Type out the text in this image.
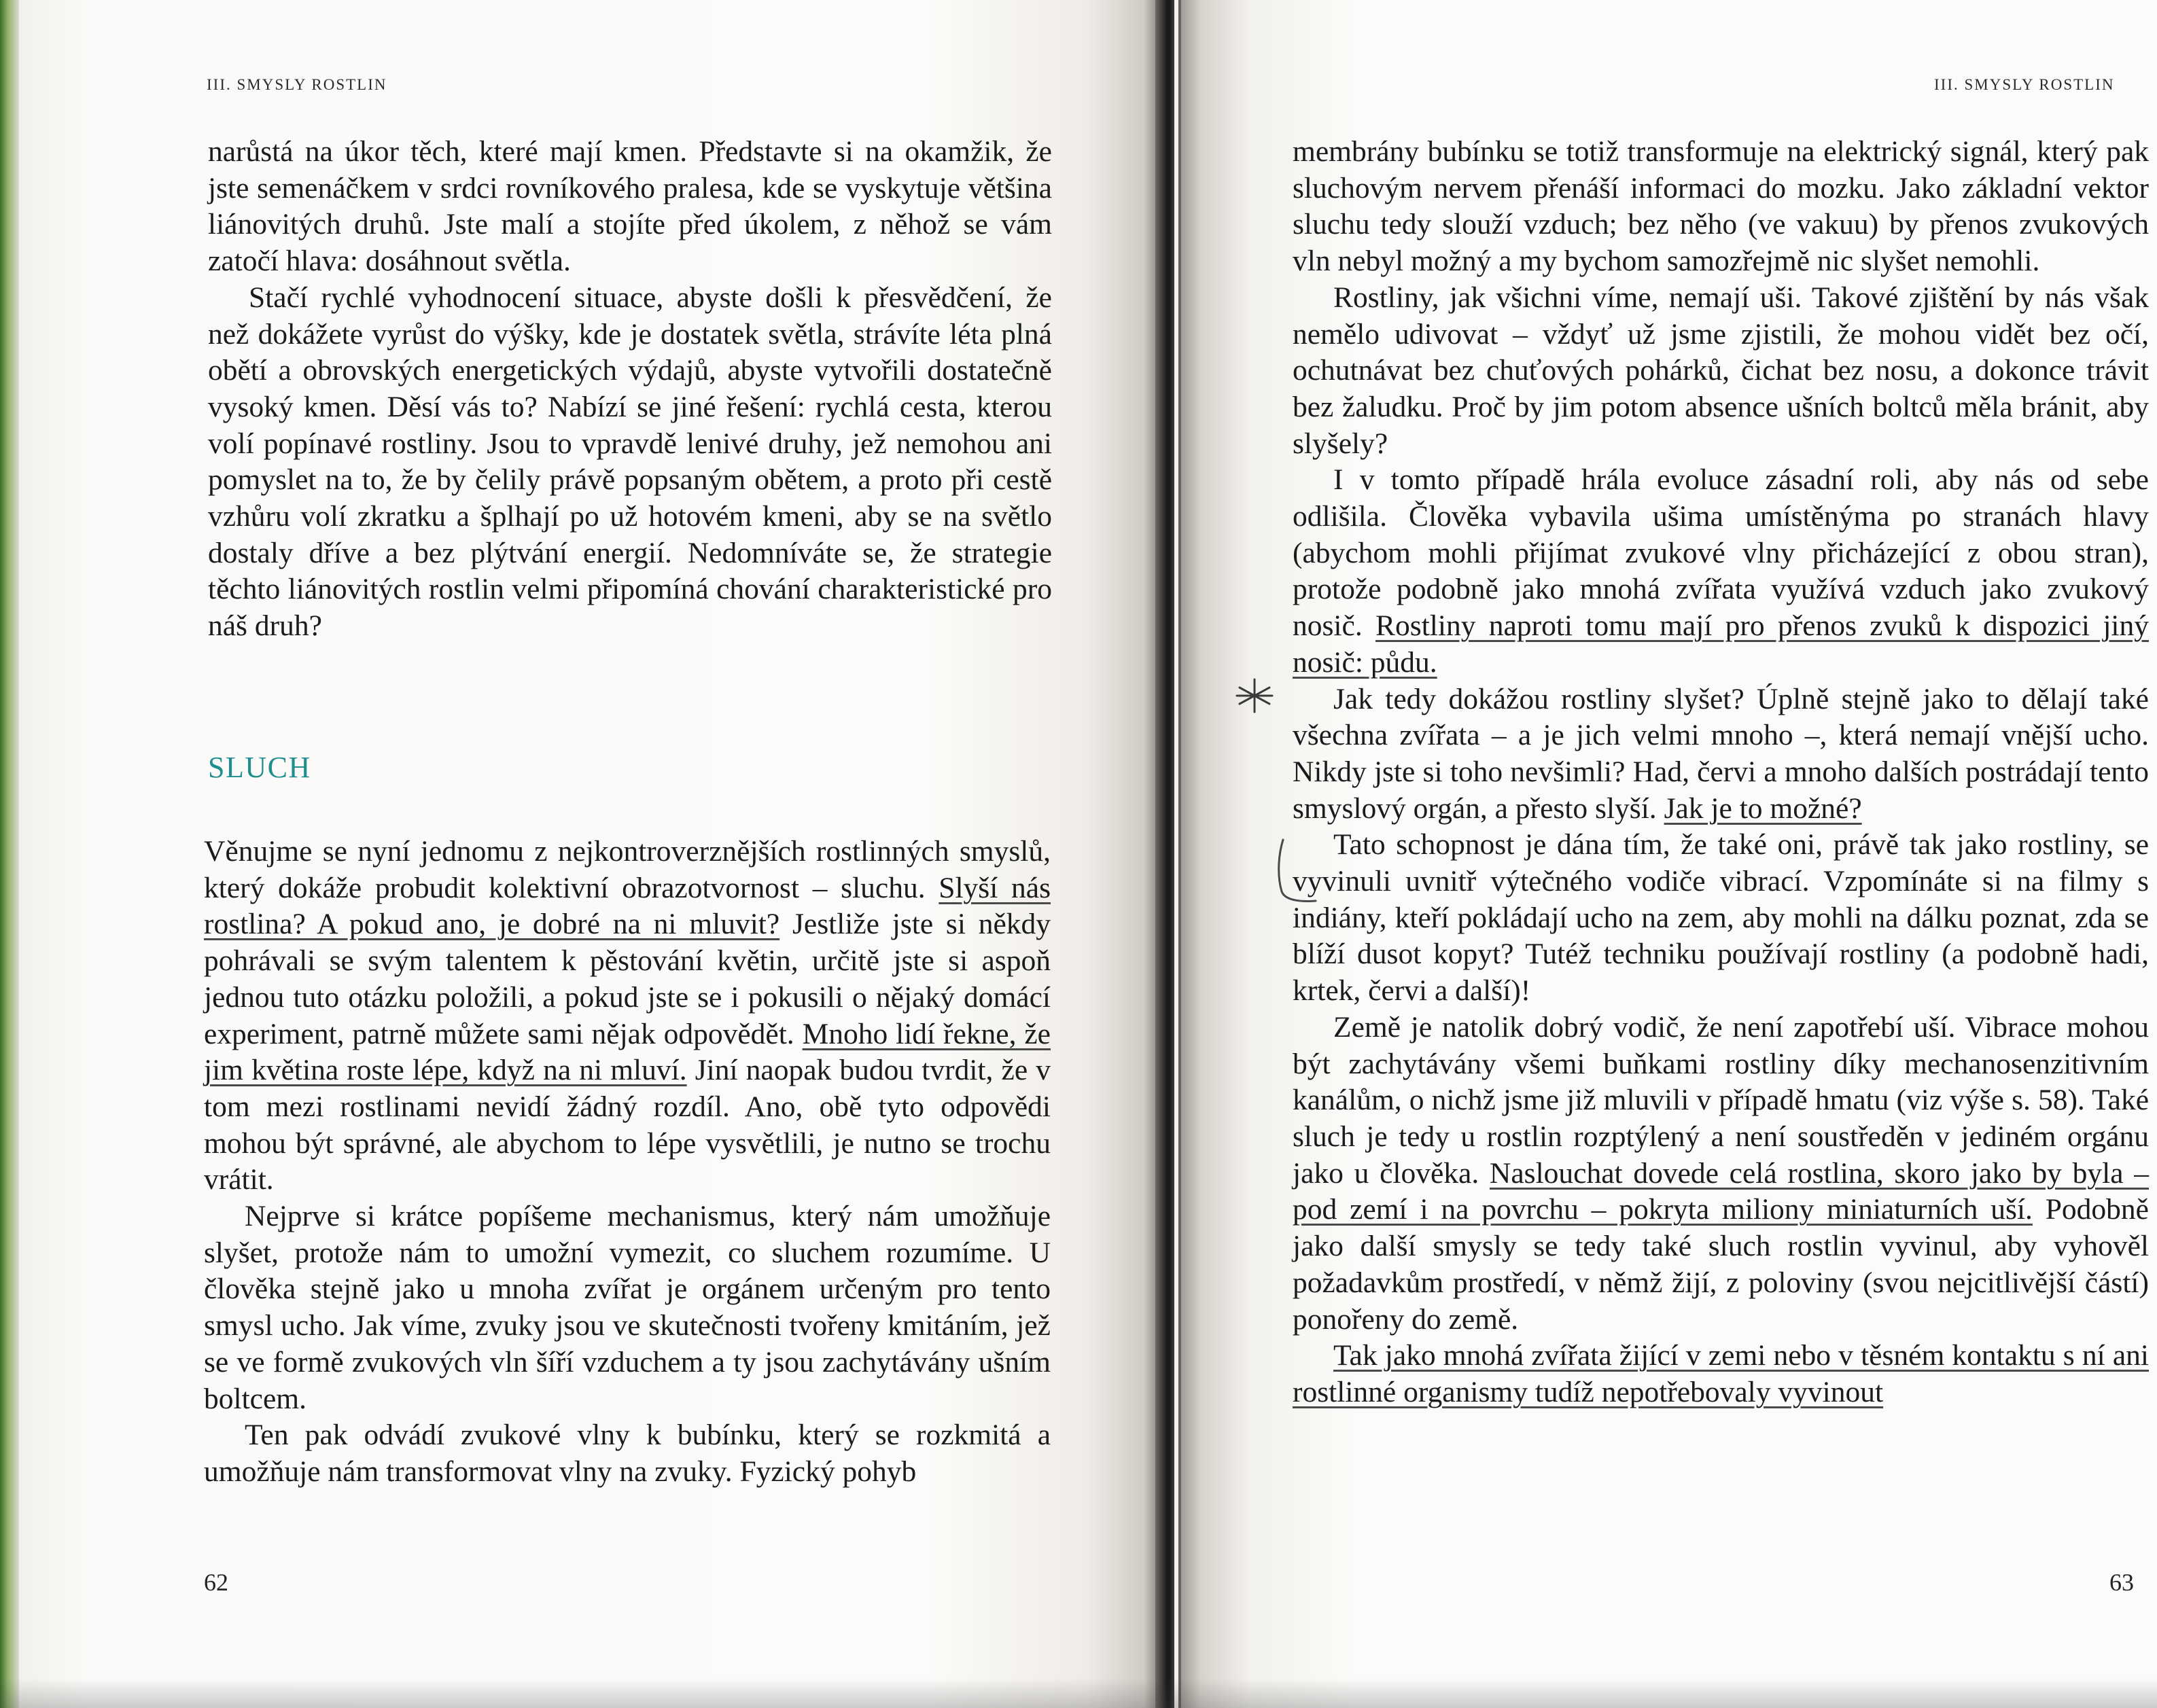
III. SMYSLY ROSTLIN

narůstá na úkor těch, které mají kmen. Představte si na okamžik, že jste semenáčkem v srdci rovníkového pralesa, kde se vyskytuje většina liánovitých druhů. Jste malí a stojíte před úkolem, z něhož se vám zatočí hlava: dosáhnout světla.

Stačí rychlé vyhodnocení situace, abyste došli k přesvědčení, že než dokážete vyrůst do výšky, kde je dostatek světla, strávíte léta plná obětí a obrovských energetických výdajů, abyste vytvořili dostatečně vysoký kmen. Děsí vás to? Nabízí se jiné řešení: rychlá cesta, kterou volí popínavé rostliny. Jsou to vpravdě lenivé druhy, jež nemohou ani pomyslet na to, že by čelily právě popsaným obětem, a proto při cestě vzhůru volí zkratku a šplhají po už hotovém kmeni, aby se na světlo dostaly dříve a bez plýtvání energií. Nedomníváte se, že strategie těchto liánovitých rostlin velmi připomíná chování charakteristické pro náš druh?

SLUCH

Věnujme se nyní jednomu z nejkontroverznějších rostlinných smyslů, který dokáže probudit kolektivní obrazotvornost – sluchu. Slyší nás rostlina? A pokud ano, je dobré na ni mluvit? Jestliže jste si někdy pohrávali se svým talentem k pěstování květin, určitě jste si aspoň jednou tuto otázku položili, a pokud jste se i pokusili o nějaký domácí experiment, patrně můžete sami nějak odpovědět. Mnoho lidí řekne, že jim květina roste lépe, když na ni mluví. Jiní naopak budou tvrdit, že v tom mezi rostlinami nevidí žádný rozdíl. Ano, obě tyto odpovědi mohou být správné, ale abychom to lépe vysvětlili, je nutno se trochu vrátit.

Nejprve si krátce popíšeme mechanismus, který nám umožňuje slyšet, protože nám to umožní vymezit, co sluchem rozumíme. U člověka stejně jako u mnoha zvířat je orgánem určeným pro tento smysl ucho. Jak víme, zvuky jsou ve skutečnosti tvořeny kmitáním, jež se ve formě zvukových vln šíří vzduchem a ty jsou zachytávány ušním boltcem.

Ten pak odvádí zvukové vlny k bubínku, který se rozkmitá a umožňuje nám transformovat vlny na zvuky. Fyzický pohyb

62

III. SMYSLY ROSTLIN

membrány bubínku se totiž transformuje na elektrický signál, který pak sluchovým nervem přenáší informaci do mozku. Jako základní vektor sluchu tedy slouží vzduch; bez něho (ve vakuu) by přenos zvukových vln nebyl možný a my bychom samozřejmě nic slyšet nemohli.

Rostliny, jak všichni víme, nemají uši. Takové zjištění by nás však nemělo udivovat – vždyť už jsme zjistili, že mohou vidět bez očí, ochutnávat bez chuťových pohárků, čichat bez nosu, a dokonce trávit bez žaludku. Proč by jim potom absence ušních boltců měla bránit, aby slyšely?

I v tomto případě hrála evoluce zásadní roli, aby nás od sebe odlišila. Člověka vybavila ušima umístěnýma po stranách hlavy (abychom mohli přijímat zvukové vlny přicházející z obou stran), protože podobně jako mnohá zvířata využívá vzduch jako zvukový nosič. Rostliny naproti tomu mají pro přenos zvuků k dispozici jiný nosič: půdu.

Jak tedy dokážou rostliny slyšet? Úplně stejně jako to dělají také všechna zvířata – a je jich velmi mnoho –, která nemají vnější ucho. Nikdy jste si toho nevšimli? Had, červi a mnoho dalších postrádají tento smyslový orgán, a přesto slyší. Jak je to možné?

Tato schopnost je dána tím, že také oni, právě tak jako rostliny, se vyvinuli uvnitř výtečného vodiče vibrací. Vzpomínáte si na filmy s indiány, kteří pokládají ucho na zem, aby mohli na dálku poznat, zda se blíží dusot kopyt? Tutéž techniku používají rostliny (a podobně hadi, krtek, červi a další)!

Země je natolik dobrý vodič, že není zapotřebí uší. Vibrace mohou být zachytávány všemi buňkami rostliny díky mechanosenzitivním kanálům, o nichž jsme již mluvili v případě hmatu (viz výše s. 58). Také sluch je tedy u rostlin rozptýlený a není soustředěn v jediném orgánu jako u člověka. Naslouchat dovede celá rostlina, skoro jako by byla – pod zemí i na povrchu – pokryta miliony miniaturních uší. Podobně jako další smysly se tedy také sluch rostlin vyvinul, aby vyhověl požadavkům prostředí, v němž žijí, z poloviny (svou nejcitlivější částí) ponořeny do země.

Tak jako mnohá zvířata žijící v zemi nebo v těsném kontaktu s ní ani rostlinné organismy tudíž nepotřebovaly vyvinout

63
